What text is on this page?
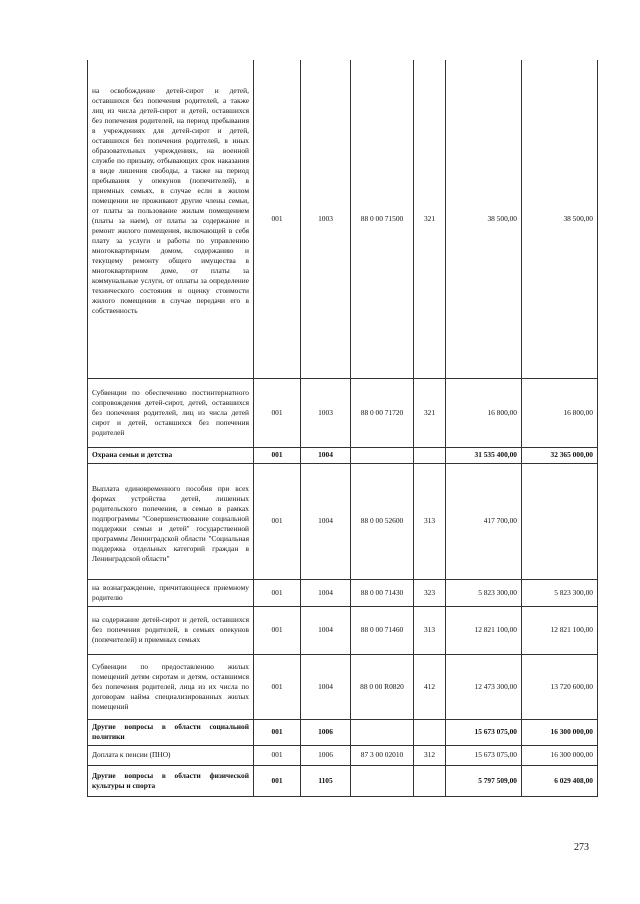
на освобождение детей-сирот и детей, оставшихся без попечения родителей, а также лиц из числа детей-сирот и детей, оставшихся без попечения родителей, на период пребывания в учреждениях для детей-сирот и детей, оставшихся без попечения родителей, в иных образовательных учреждениях, на военной службе по призыву, отбывающих срок наказания в виде лишения свободы, а также на период пребывания у опекунов (попечителей), в приемных семьях, в случае если в жилом помещении не проживают другие члены семьи, от платы за пользование жилым помещением (платы за наем), от платы за содержание и ремонт жилого помещения, включающей в себя плату за услуги и работы по управлению многоквартирным домом, содержанию и текущему ремонту общего имущества в многоквартирном доме, от платы за коммунальные услуги, от оплаты за определение технического состояния и оценку стоимости жилого помещения в случае передачи его в собственность	001	1003	88 0 00 71500	321	38 500,00	38 500,00
Субвенции по обеспечению постинтернатного сопровождения детей-сирот, детей, оставшихся без попечения родителей, лиц из числа детей сирот и детей, оставшихся без попечения родителей	001	1003	88 0 00 71720	321	16 800,00	16 800,00
Охрана семьи и детства	001	1004			31 535 400,00	32 365 000,00
Выплата единовременного пособия при всех формах устройства детей, лишенных родительского попечения, в семью в рамках подпрограммы "Совершенствование социальной поддержки семьи и детей" государственной программы Ленинградской области "Социальная поддержка отдельных категорий граждан в Ленинградской области"	001	1004	88 0 00 52600	313	417 700,00	
на вознаграждение, причитающееся приемному родителю	001	1004	88 0 00 71430	323	5 823 300,00	5 823 300,00
на содержание детей-сирот и детей, оставшихся без попечения родителей, в семьях опекунов (попечителей) и приемных семьях	001	1004	88 0 00 71460	313	12 821 100,00	12 821 100,00
Субвенции по предоставлению жилых помещений детям сиротам и детям, оставшимся без попечения родителей, лица из их числа по договорам найма специализированных жилых помещений	001	1004	88 0 00 R0820	412	12 473 300,00	13 720 600,00
Другие вопросы в области социальной политики	001	1006			15 673 075,00	16 300 000,00
Доплата к пенсии (ПНО)	001	1006	87 3 00 02010	312	15 673 075,00	16 300 000,00
Другие вопросы в области физической культуры и спорта	001	1105			5 797 509,00	6 029 408,00
273
